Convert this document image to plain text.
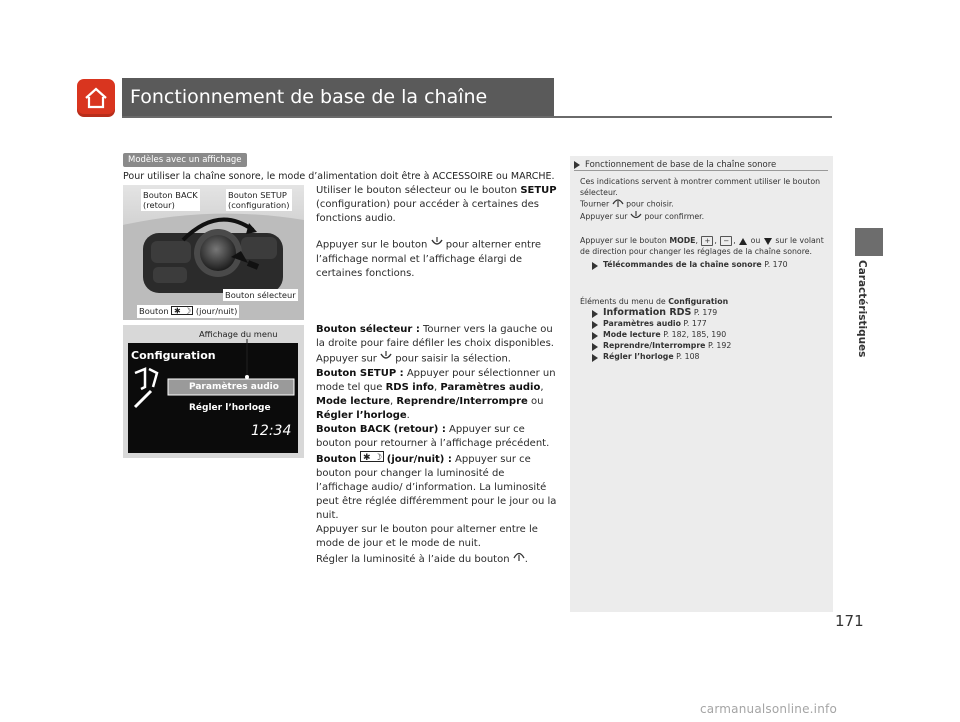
Fonctionnement de base de la chaîne sonore
Caractéristiques
Modèles avec un affichage
Pour utiliser la chaîne sonore, le mode d’alimentation doit être à ACCESSOIRE ou MARCHE.
Bouton BACK
(retour)
Bouton SETUP
(configuration)
Bouton sélecteur
Bouton ✱ ☽ (jour/nuit)
Affichage du menu
Configuration
Paramètres audio
Régler l’horloge
12:34
Utiliser le bouton sélecteur ou le bouton SETUP (configuration) pour accéder à certaines des fonctions audio.
Appuyer sur le bouton pour alterner entre l’affichage normal et l’affichage élargi de certaines fonctions.
Bouton sélecteur : Tourner vers la gauche ou la droite pour faire défiler les choix disponibles. Appuyer sur pour saisir la sélection.
Bouton SETUP : Appuyer pour sélectionner un mode tel que RDS info, Paramètres audio, Mode lecture, Reprendre/Interrompre ou Régler l’horloge.
Bouton BACK (retour) : Appuyer sur ce bouton pour retourner à l’affichage précédent.
Bouton ✱ ☽ (jour/nuit) : Appuyer sur ce bouton pour changer la luminosité de l’affichage audio/ d’information. La luminosité peut être réglée différemment pour le jour ou la nuit.
Appuyer sur le bouton pour alterner entre le mode de jour et le mode de nuit.
Régler la luminosité à l’aide du bouton .
Fonctionnement de base de la chaîne sonore
Ces indications servent à montrer comment utiliser le bouton sélecteur.
Tourner pour choisir.
Appuyer sur pour confirmer.
Appuyer sur le bouton MODE, + , − ,  ou sur le volant de direction pour changer les réglages de la chaîne sonore.
Télécommandes de la chaîne sonore P. 170
Éléments du menu de Configuration
Information RDS P. 179
Paramètres audio P. 177
Mode lecture P. 182, 185, 190
Reprendre/Interrompre P. 192
Régler l’horloge P. 108
171
carmanualsonline.info
